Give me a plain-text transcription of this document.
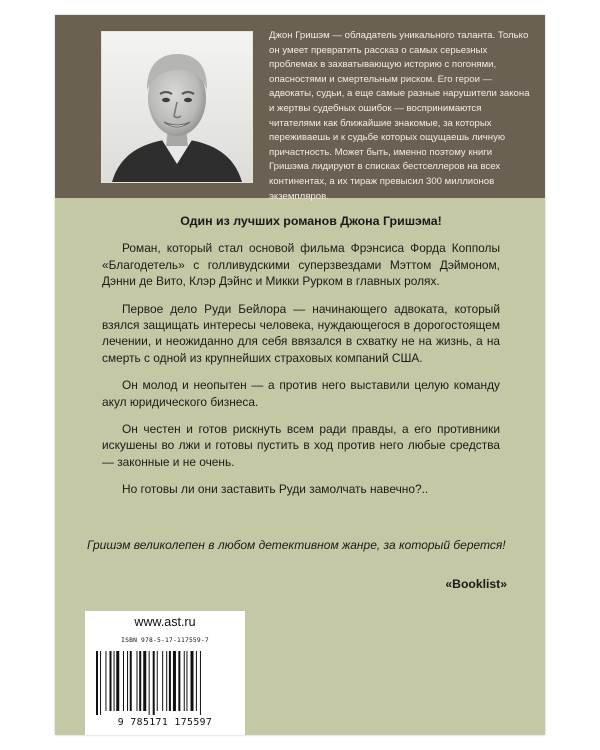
Джон Гришэм — обладатель уникального таланта. Только он умеет превратить рассказ о самых серьезных проблемах в захватывающую историю с погонями, опасностями и смертельным риском. Его герои — адвокаты, судьи, а еще самые разные нарушители закона и жертвы судебных ошибок — воспринимаются читателями как ближайшие знакомые, за которых переживаешь и к судьбе которых ощущаешь личную причастность. Может быть, именно поэтому книги Гришэма лидируют в списках бестселлеров на всех континентах, а их тираж превысил 300 миллионов экземпляров.

Один из лучших романов Джона Гришэма!

Роман, который стал основой фильма Фрэнсиса Форда Копполы «Благодетель» с голливудскими суперзвездами Мэттом Дэймоном, Дэнни де Вито, Клэр Дэйнс и Микки Рурком в главных ролях.

Первое дело Руди Бейлора — начинающего адвоката, который взялся защищать интересы человека, нуждающегося в дорогостоящем лечении, и неожиданно для себя ввязался в схватку не на жизнь, а на смерть с одной из крупнейших страховых компаний США.

Он молод и неопытен — а против него выставили целую команду акул юридического бизнеса.

Он честен и готов рискнуть всем ради правды, а его противники искушены во лжи и готовы пустить в ход против него любые средства — законные и не очень.

Но готовы ли они заставить Руди замолчать навечно?..

Гришэм великолепен в любом детективном жанре, за который берется!

«Booklist»

www.ast.ru
ISBN 978-5-17-117559-7
9 785171 175597
